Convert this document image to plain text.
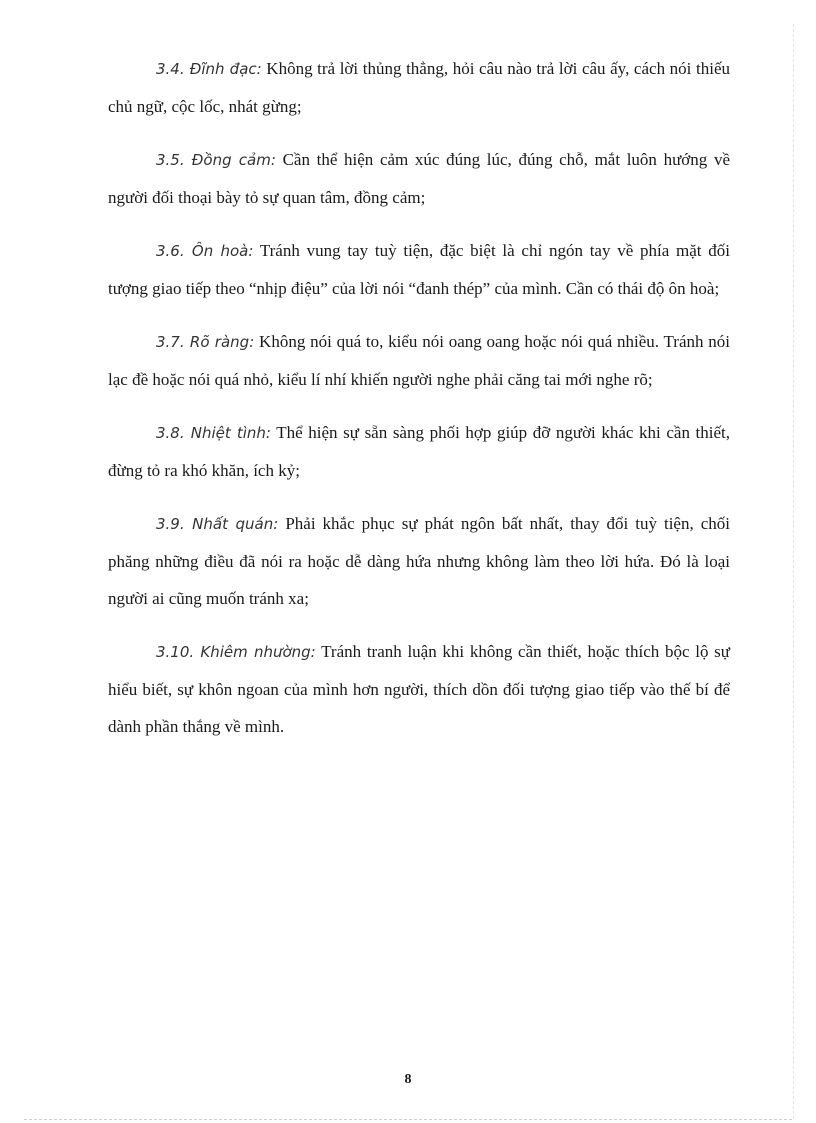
3.4. Đĩnh đạc: Không trả lời thủng thẳng, hỏi câu nào trả lời câu ấy, cách nói thiếu chủ ngữ, cộc lốc, nhát gừng;

3.5. Đồng cảm: Cần thể hiện cảm xúc đúng lúc, đúng chỗ, mắt luôn hướng về người đối thoại bày tỏ sự quan tâm, đồng cảm;

3.6. Ôn hoà: Tránh vung tay tuỳ tiện, đặc biệt là chỉ ngón tay về phía mặt đối tượng giao tiếp theo “nhịp điệu” của lời nói “đanh thép” của mình. Cần có thái độ ôn hoà;

3.7. Rõ ràng: Không nói quá to, kiểu nói oang oang hoặc nói quá nhiều. Tránh nói lạc đề hoặc nói quá nhỏ, kiểu lí nhí khiến người nghe phải căng tai mới nghe rõ;

3.8. Nhiệt tình: Thể hiện sự sẵn sàng phối hợp giúp đỡ người khác khi cần thiết, đừng tỏ ra khó khăn, ích kỷ;

3.9. Nhất quán: Phải khắc phục sự phát ngôn bất nhất, thay đổi tuỳ tiện, chối phăng những điều đã nói ra hoặc dễ dàng hứa nhưng không làm theo lời hứa. Đó là loại người ai cũng muốn tránh xa;

3.10. Khiêm nhường: Tránh tranh luận khi không cần thiết, hoặc thích bộc lộ sự hiểu biết, sự khôn ngoan của mình hơn người, thích dồn đối tượng giao tiếp vào thế bí để dành phần thắng về mình.

8
